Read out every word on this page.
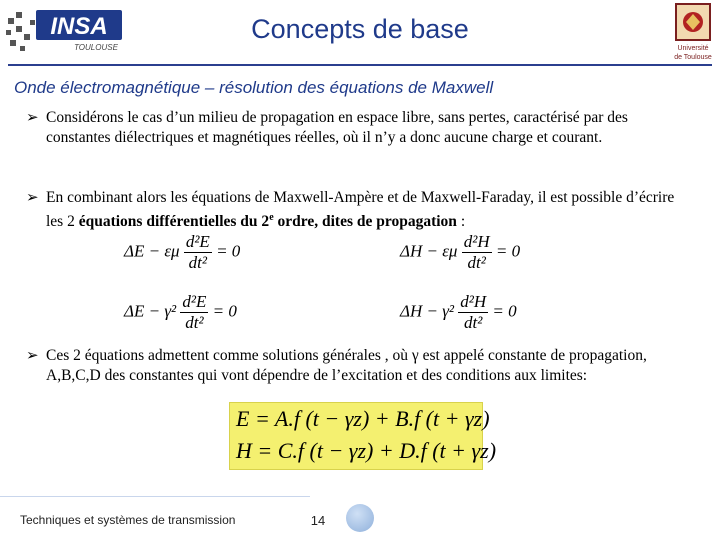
INSA
TOULOUSE
Concepts de base
Université
de Toulouse
Onde électromagnétique – résolution des équations de Maxwell
➢ Considérons le cas d’un milieu de propagation en espace libre, sans pertes, caractérisé par des constantes diélectriques et magnétiques réelles, où il n’y a donc aucune charge et courant.
➢ En combinant alors les équations de Maxwell-Ampère et de Maxwell-Faraday, il est possible d’écrire les 2 équations différentielles du 2e ordre, dites de propagation :
ΔE − εμ $\frac{\text{d²E}}{\text{dt²}} = 0$	ΔH − εμ $\frac{\text{d²H}}{\text{dt²}} = 0$
$\Delta E - \gamma^2 \frac{\text{d²E}}{\text{dt²}} = 0$	$\Delta H - \gamma^2 \frac{\text{d²H}}{\text{dt²}} = 0$
➢ Ces 2 équations admettent comme solutions générales , où γ est appelé constante de propagation, A,B,C,D des constantes qui vont dépendre de l’excitation et des conditions aux limites:
E = A.f (t − γz) + B.f (t + γz)
H = C.f (t − γz) + D.f (t + γz)
Techniques et systèmes de transmission	14
